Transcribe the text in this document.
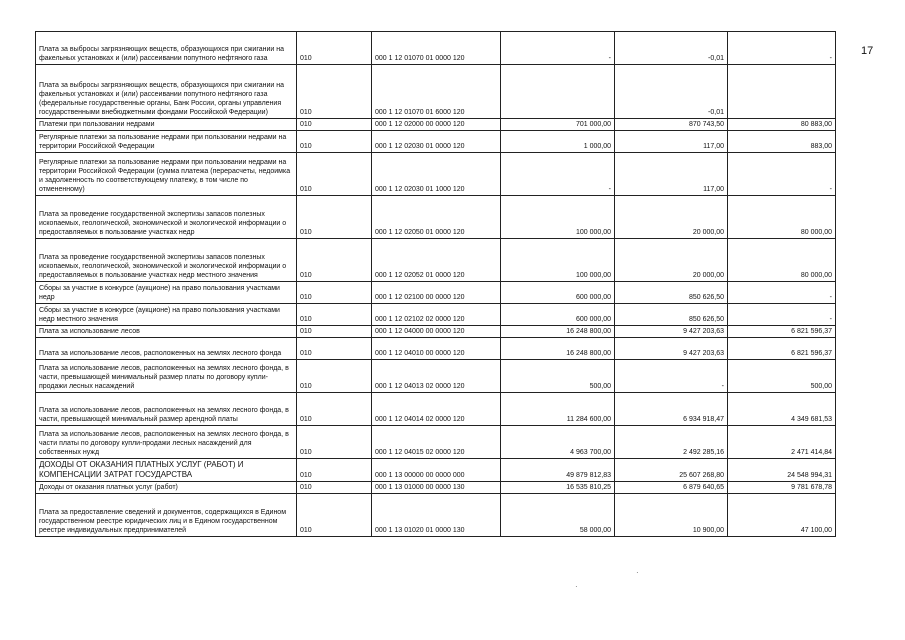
17
Плата за выбросы загрязняющих веществ, образующихся при сжигании на факельных установках и (или) рассеивании попутного нефтяного газа	010	000 1 12 01070 01 0000 120	-	-0,01	-
Плата за выбросы загрязняющих веществ, образующихся при сжигании на факельных установках и (или) рассеивании попутного нефтяного газа (федеральные государственные органы, Банк России, органы управления государственными внебюджетными фондами Российской Федерации)	010	000 1 12 01070 01 6000 120		-0,01	
Платежи при пользовании недрами	010	000 1 12 02000 00 0000 120	701 000,00	870 743,50	80 883,00
Регулярные платежи за пользование недрами при пользовании недрами на территории Российской Федерации	010	000 1 12 02030 01 0000 120	1 000,00	117,00	883,00
Регулярные платежи за пользование недрами при пользовании недрами на территории Российской Федерации (сумма платежа (перерасчеты, недоимка и задолженность по соответствующему платежу, в том числе по отмененному)	010	000 1 12 02030 01 1000 120	-	117,00	-
Плата за проведение государственной экспертизы запасов полезных ископаемых, геологической, экономической и экологической информации о предоставляемых в пользование участках недр	010	000 1 12 02050 01 0000 120	100 000,00	20 000,00	80 000,00
Плата за проведение государственной экспертизы запасов полезных ископаемых, геологической, экономической и экологической информации о предоставляемых в пользование участках недр местного значения	010	000 1 12 02052 01 0000 120	100 000,00	20 000,00	80 000,00
Сборы за участие в конкурсе (аукционе) на право пользования участками недр	010	000 1 12 02100 00 0000 120	600 000,00	850 626,50	-
Сборы за участие в конкурсе (аукционе) на право пользования участками недр местного значения	010	000 1 12 02102 02 0000 120	600 000,00	850 626,50	-
Плата за использование лесов	010	000 1 12 04000 00 0000 120	16 248 800,00	9 427 203,63	6 821 596,37
Плата за использование лесов, расположенных на землях лесного фонда	010	000 1 12 04010 00 0000 120	16 248 800,00	9 427 203,63	6 821 596,37
Плата за использование лесов, расположенных на землях лесного фонда, в части, превышающей минимальный размер платы по договору купли-продажи лесных насаждений	010	000 1 12 04013 02 0000 120	500,00	-	500,00
Плата за использование лесов, расположенных на землях лесного фонда, в части, превышающей минимальный размер арендной платы	010	000 1 12 04014 02 0000 120	11 284 600,00	6 934 918,47	4 349 681,53
Плата за использование лесов, расположенных на землях лесного фонда, в части платы по договору купли-продажи лесных насаждений для собственных нужд	010	000 1 12 04015 02 0000 120	4 963 700,00	2 492 285,16	2 471 414,84
ДОХОДЫ ОТ ОКАЗАНИЯ ПЛАТНЫХ УСЛУГ (РАБОТ) И КОМПЕНСАЦИИ ЗАТРАТ ГОСУДАРСТВА	010	000 1 13 00000 00 0000 000	49 879 812,83	25 607 268,80	24 548 994,31
Доходы от оказания платных услуг (работ)	010	000 1 13 01000 00 0000 130	16 535 810,25	6 879 640,65	9 781 678,78
Плата за предоставление сведений и документов, содержащихся в Едином государственном реестре юридических лиц и в Едином государственном реестре индивидуальных предпринимателей	010	000 1 13 01020 01 0000 130	58 000,00	10 900,00	47 100,00
·
·
